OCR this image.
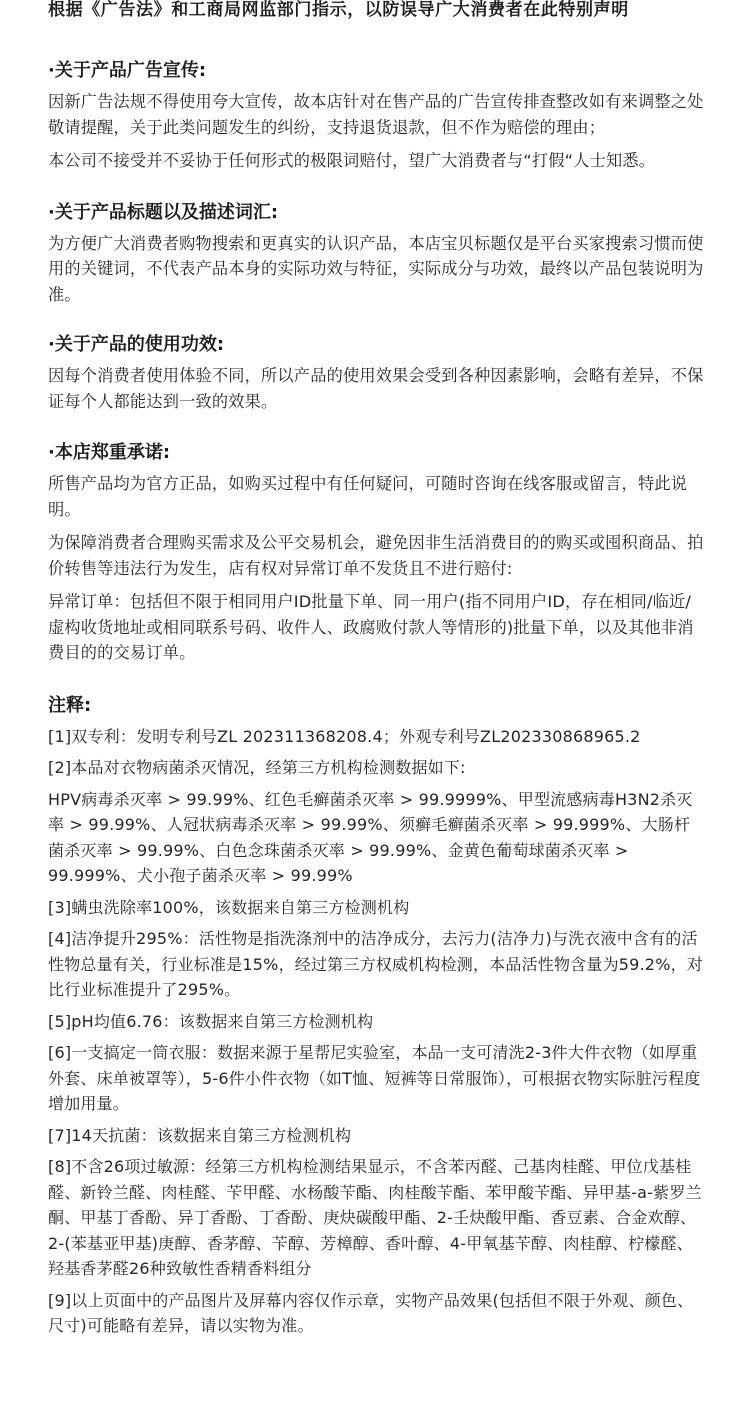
根据《广告法》和工商局网监部门指示，以防误导广大消费者在此特别声明
·关于产品广告宣传:

因新广告法规不得使用夸大宣传，故本店针对在售产品的广告宣传排查整改如有来调整之处敬请提醒，关于此类问题发生的纠纷，支持退货退款，但不作为赔偿的理由；

本公司不接受并不妥协于任何形式的极限词赔付，望广大消费者与“打假“人士知悉。

·关于产品标题以及描述词汇:

为方便广大消费者购物搜索和更真实的认识产品，本店宝贝标题仅是平台买家搜索习惯而使用的关键词，不代表产品本身的实际功效与特征，实际成分与功效，最终以产品包装说明为准。

·关于产品的使用功效:

因每个消费者使用体验不同，所以产品的使用效果会受到各种因素影响，会略有差异，不保证每个人都能达到一致的效果。

·本店郑重承诺:

所售产品均为官方正品，如购买过程中有任何疑问，可随时咨询在线客服或留言，特此说明。

为保障消费者合理购买需求及公平交易机会，避免因非生活消费目的的购买或囤积商品、拍价转售等违法行为发生，店有权对异常订单不发货且不进行赔付:

异常订单：包括但不限于相同用户ID批量下单、同一用户(指不同用户ID，存在相同/临近/虚构收货地址或相同联系号码、收件人、政腐败付款人等情形的)批量下单，以及其他非消费目的的交易订单。

注释:

[1]双专利：发明专利号ZL 202311368208.4；外观专利号ZL202330868965.2

[2]本品对衣物病菌杀灭情况，经第三方机构检测数据如下:

HPV病毒杀灭率 > 99.99%、红色毛癣菌杀灭率 > 99.9999%、甲型流感病毒H3N2杀灭率 > 99.99%、人冠状病毒杀灭率 > 99.99%、须癣毛癣菌杀灭率 > 99.999%、大肠杆菌杀灭率 > 99.99%、白色念珠菌杀灭率 > 99.99%、金黄色葡萄球菌杀灭率 > 99.999%、犬小孢子菌杀灭率 > 99.99%

[3]螨虫洗除率100%，该数据来自第三方检测机构

[4]洁净提升295%：活性物是指洗涤剂中的洁净成分，去污力(洁净力)与洗衣液中含有的活性物总量有关，行业标准是15%，经过第三方权威机构检测，本品活性物含量为59.2%，对比行业标准提升了295%。

[5]pH均值6.76：该数据来自第三方检测机构

[6]一支搞定一筒衣服：数据来源于星帮尼实验室，本品一支可清洗2-3件大件衣物（如厚重外套、床单被罩等），5-6件小件衣物（如T恤、短裤等日常服饰），可根据衣物实际脏污程度增加用量。

[7]14天抗菌：该数据来自第三方检测机构

[8]不含26项过敏源：经第三方机构检测结果显示，不含苯丙醛、己基肉桂醛、甲位戊基桂醛、新铃兰醛、肉桂醛、苄甲醛、水杨酸苄酯、肉桂酸苄酯、苯甲酸苄酯、异甲基-a-紫罗兰酮、甲基丁香酚、异丁香酚、丁香酚、庚炔碳酸甲酯、2-壬炔酸甲酯、香豆素、合金欢醇、2-(苯基亚甲基)庚醇、香茅醇、苄醇、芳樟醇、香叶醇、4-甲氧基苄醇、肉桂醇、柠檬醛、羟基香茅醛26种致敏性香精香料组分

[9]以上页面中的产品图片及屏幕内容仅作示章，实物产品效果(包括但不限于外观、颜色、尺寸)可能略有差异，请以实物为准。
